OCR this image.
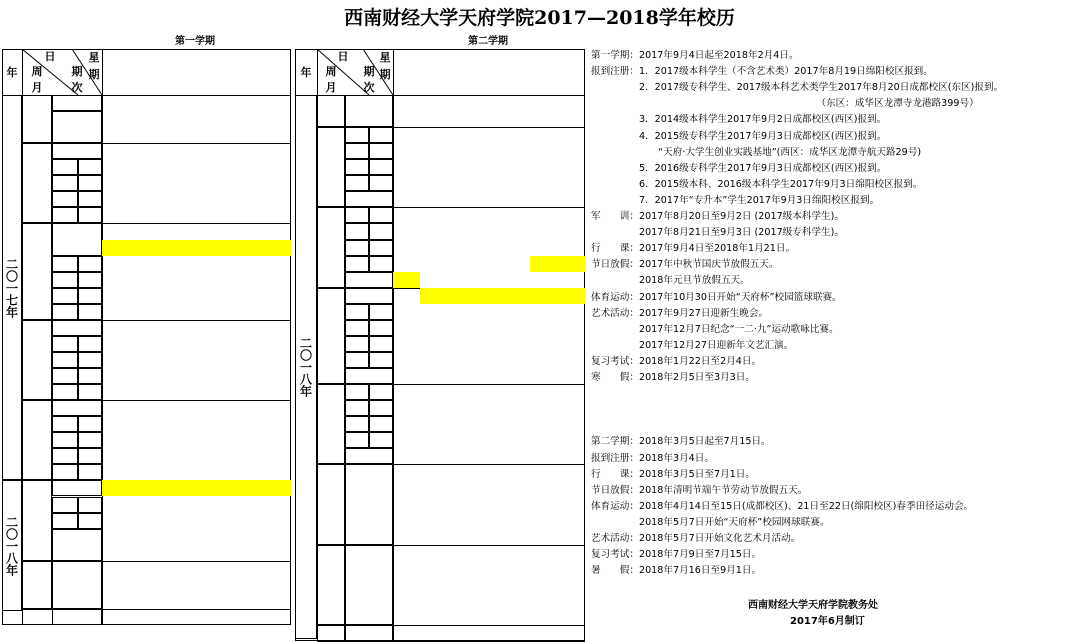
西南财经大学天府学院2017—2018学年校历
第一学期	第二学期
年
日
周
月
期
次
星
期	年
日
周
月
期
次
星
期
二〇一七年
二〇一八年
二〇一八年
第一学期：2017年9月4日起至2018年2月4日。
报到注册：1．2017级本科学生（不含艺术类）2017年8月19日绵阳校区报到。
　　　　　2．2017级专科学生、2017级本科艺术类学生2017年8月20日成都校区(东区)报到。
　　　　　　　　　　　　　　　　　　　　　　　　（东区：成华区龙潭寺龙港路399号）
　　　　　3．2014级本科学生2017年9月2日成都校区(西区)报到。
　　　　　4．2015级专科学生2017年9月3日成都校区(西区)报到。
　　　　　　　“天府·大学生创业实践基地”(西区：成华区龙潭寺航天路29号)
　　　　　5．2016级专科学生2017年9月3日成都校区(西区)报到。
　　　　　6．2015级本科、2016级本科学生2017年9月3日绵阳校区报到。
　　　　　7．2017年“专升本”学生2017年9月3日绵阳校区报到。
军　　训：2017年8月20日至9月2日 (2017级本科学生)。
　　　　　2017年8月21日至9月3日 (2017级专科学生)。
行　　课：2017年9月4日至2018年1月21日。
节日放假：2017年中秋节国庆节放假五天。
　　　　　2018年元旦节放假五天。
体育运动：2017年10月30日开始“天府杯”校园篮球联赛。
艺术活动：2017年9月27日迎新生晚会。
　　　　　2017年12月7日纪念“一二·九”运动歌咏比赛。
　　　　　2017年12月27日迎新年文艺汇演。
复习考试：2018年1月22日至2月4日。
寒　　假：2018年2月5日至3月3日。
第二学期：2018年3月5日起至7月15日。
报到注册：2018年3月4日。
行　　课：2018年3月5日至7月1日。
节日放假：2018年清明节端午节劳动节放假五天。
体育运动：2018年4月14日至15日(成都校区)、21日至22日(绵阳校区)春季田径运动会。
　　　　　2018年5月7日开始“天府杯”校园网球联赛。
艺术活动：2018年5月7日开始文化艺术月活动。
复习考试：2018年7月9日至7月15日。
暑　　假：2018年7月16日至9月1日。
西南财经大学天府学院教务处
2017年6月制订
